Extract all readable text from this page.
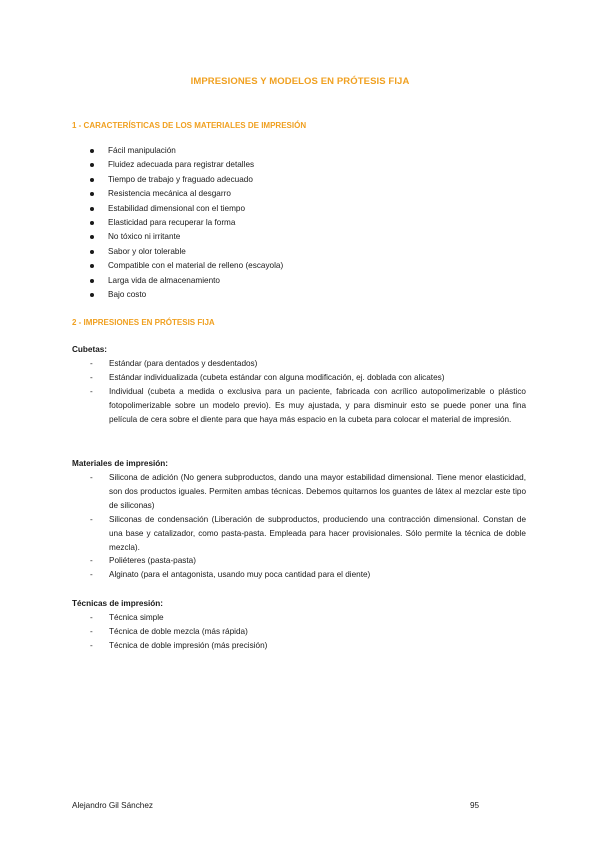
IMPRESIONES Y MODELOS EN PRÓTESIS FIJA
1 - CARACTERÍSTICAS DE LOS MATERIALES DE IMPRESIÓN
Fácil manipulación
Fluidez adecuada para registrar detalles
Tiempo de trabajo y fraguado adecuado
Resistencia mecánica al desgarro
Estabilidad dimensional con el tiempo
Elasticidad para recuperar la forma
No tóxico ni irritante
Sabor y olor tolerable
Compatible con el material de relleno (escayola)
Larga vida de almacenamiento
Bajo costo
2 - IMPRESIONES EN PRÓTESIS FIJA
Cubetas:
- Estándar (para dentados y desdentados)
- Estándar individualizada (cubeta estándar con alguna modificación, ej. doblada con alicates)
- Individual (cubeta a medida o exclusiva para un paciente, fabricada con acrílico autopolimerizable o plástico fotopolimerizable sobre un modelo previo). Es muy ajustada, y para disminuir esto se puede poner una fina película de cera sobre el diente para que haya más espacio en la cubeta para colocar el material de impresión.
Materiales de impresión:
- Silicona de adición (No genera subproductos, dando una mayor estabilidad dimensional. Tiene menor elasticidad, son dos productos iguales. Permiten ambas técnicas. Debemos quitarnos los guantes de látex al mezclar este tipo de siliconas)
- Siliconas de condensación (Liberación de subproductos, produciendo una contracción dimensional. Constan de una base y catalizador, como pasta-pasta. Empleada para hacer provisionales. Sólo permite la técnica de doble mezcla).
- Poliéteres (pasta-pasta)
- Alginato (para el antagonista, usando muy poca cantidad para el diente)
Técnicas de impresión:
- Técnica simple
- Técnica de doble mezcla (más rápida)
- Técnica de doble impresión (más precisión)
Alejandro Gil Sánchez	95
